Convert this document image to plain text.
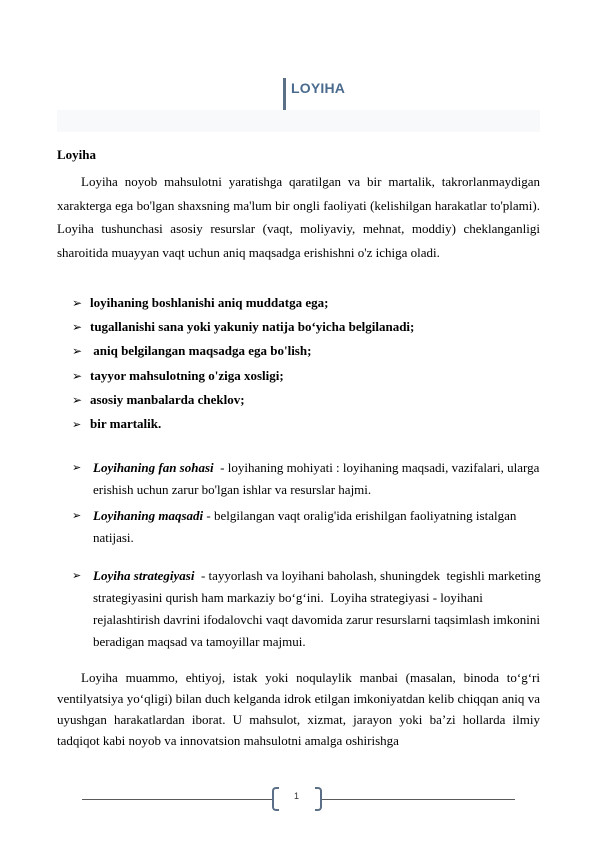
LOYIHA
Loyiha
Loyiha noyob mahsulotni yaratishga qaratilgan va bir martalik, takrorlanmaydigan xarakterga ega bo'lgan shaxsning ma'lum bir ongli faoliyati (kelishilgan harakatlar to'plami). Loyiha tushunchasi asosiy resurslar (vaqt, moliyaviy, mehnat, moddiy) cheklanganligi sharoitida muayyan vaqt uchun aniq maqsadga erishishni o'z ichiga oladi.
➢ loyihaning boshlanishi aniq muddatga ega;
➢ tugallanishi sana yoki yakuniy natija bo‘yicha belgilanadi;
➢ aniq belgilangan maqsadga ega bo'lish;
➢ tayyor mahsulotning o'ziga xosligi;
➢ asosiy manbalarda cheklov;
➢ bir martalik.
➢ Loyihaning fan sohasi  - loyihaning mohiyati : loyihaning maqsadi, vazifalari, ularga erishish uchun zarur bo'lgan ishlar va resurslar hajmi.
➢ Loyihaning maqsadi - belgilangan vaqt oralig'ida erishilgan faoliyatning istalgan natijasi.
➢ Loyiha strategiyasi  - tayyorlash va loyihani baholash, shuningdek  tegishli marketing strategiyasini qurish ham markaziy bo‘g‘ini.  Loyiha strategiyasi - loyihani rejalashtirish davrini ifodalovchi vaqt davomida zarur resurslarni taqsimlash imkonini beradigan maqsad va tamoyillar majmui.
Loyiha muammo, ehtiyoj, istak yoki noqulaylik manbai (masalan, binoda to‘g‘ri ventilyatsiya yo‘qligi) bilan duch kelganda idrok etilgan imkoniyatdan kelib chiqqan aniq va uyushgan harakatlardan iborat. U mahsulot, xizmat, jarayon yoki ba’zi hollarda ilmiy tadqiqot kabi noyob va innovatsion mahsulotni amalga oshirishga
1
